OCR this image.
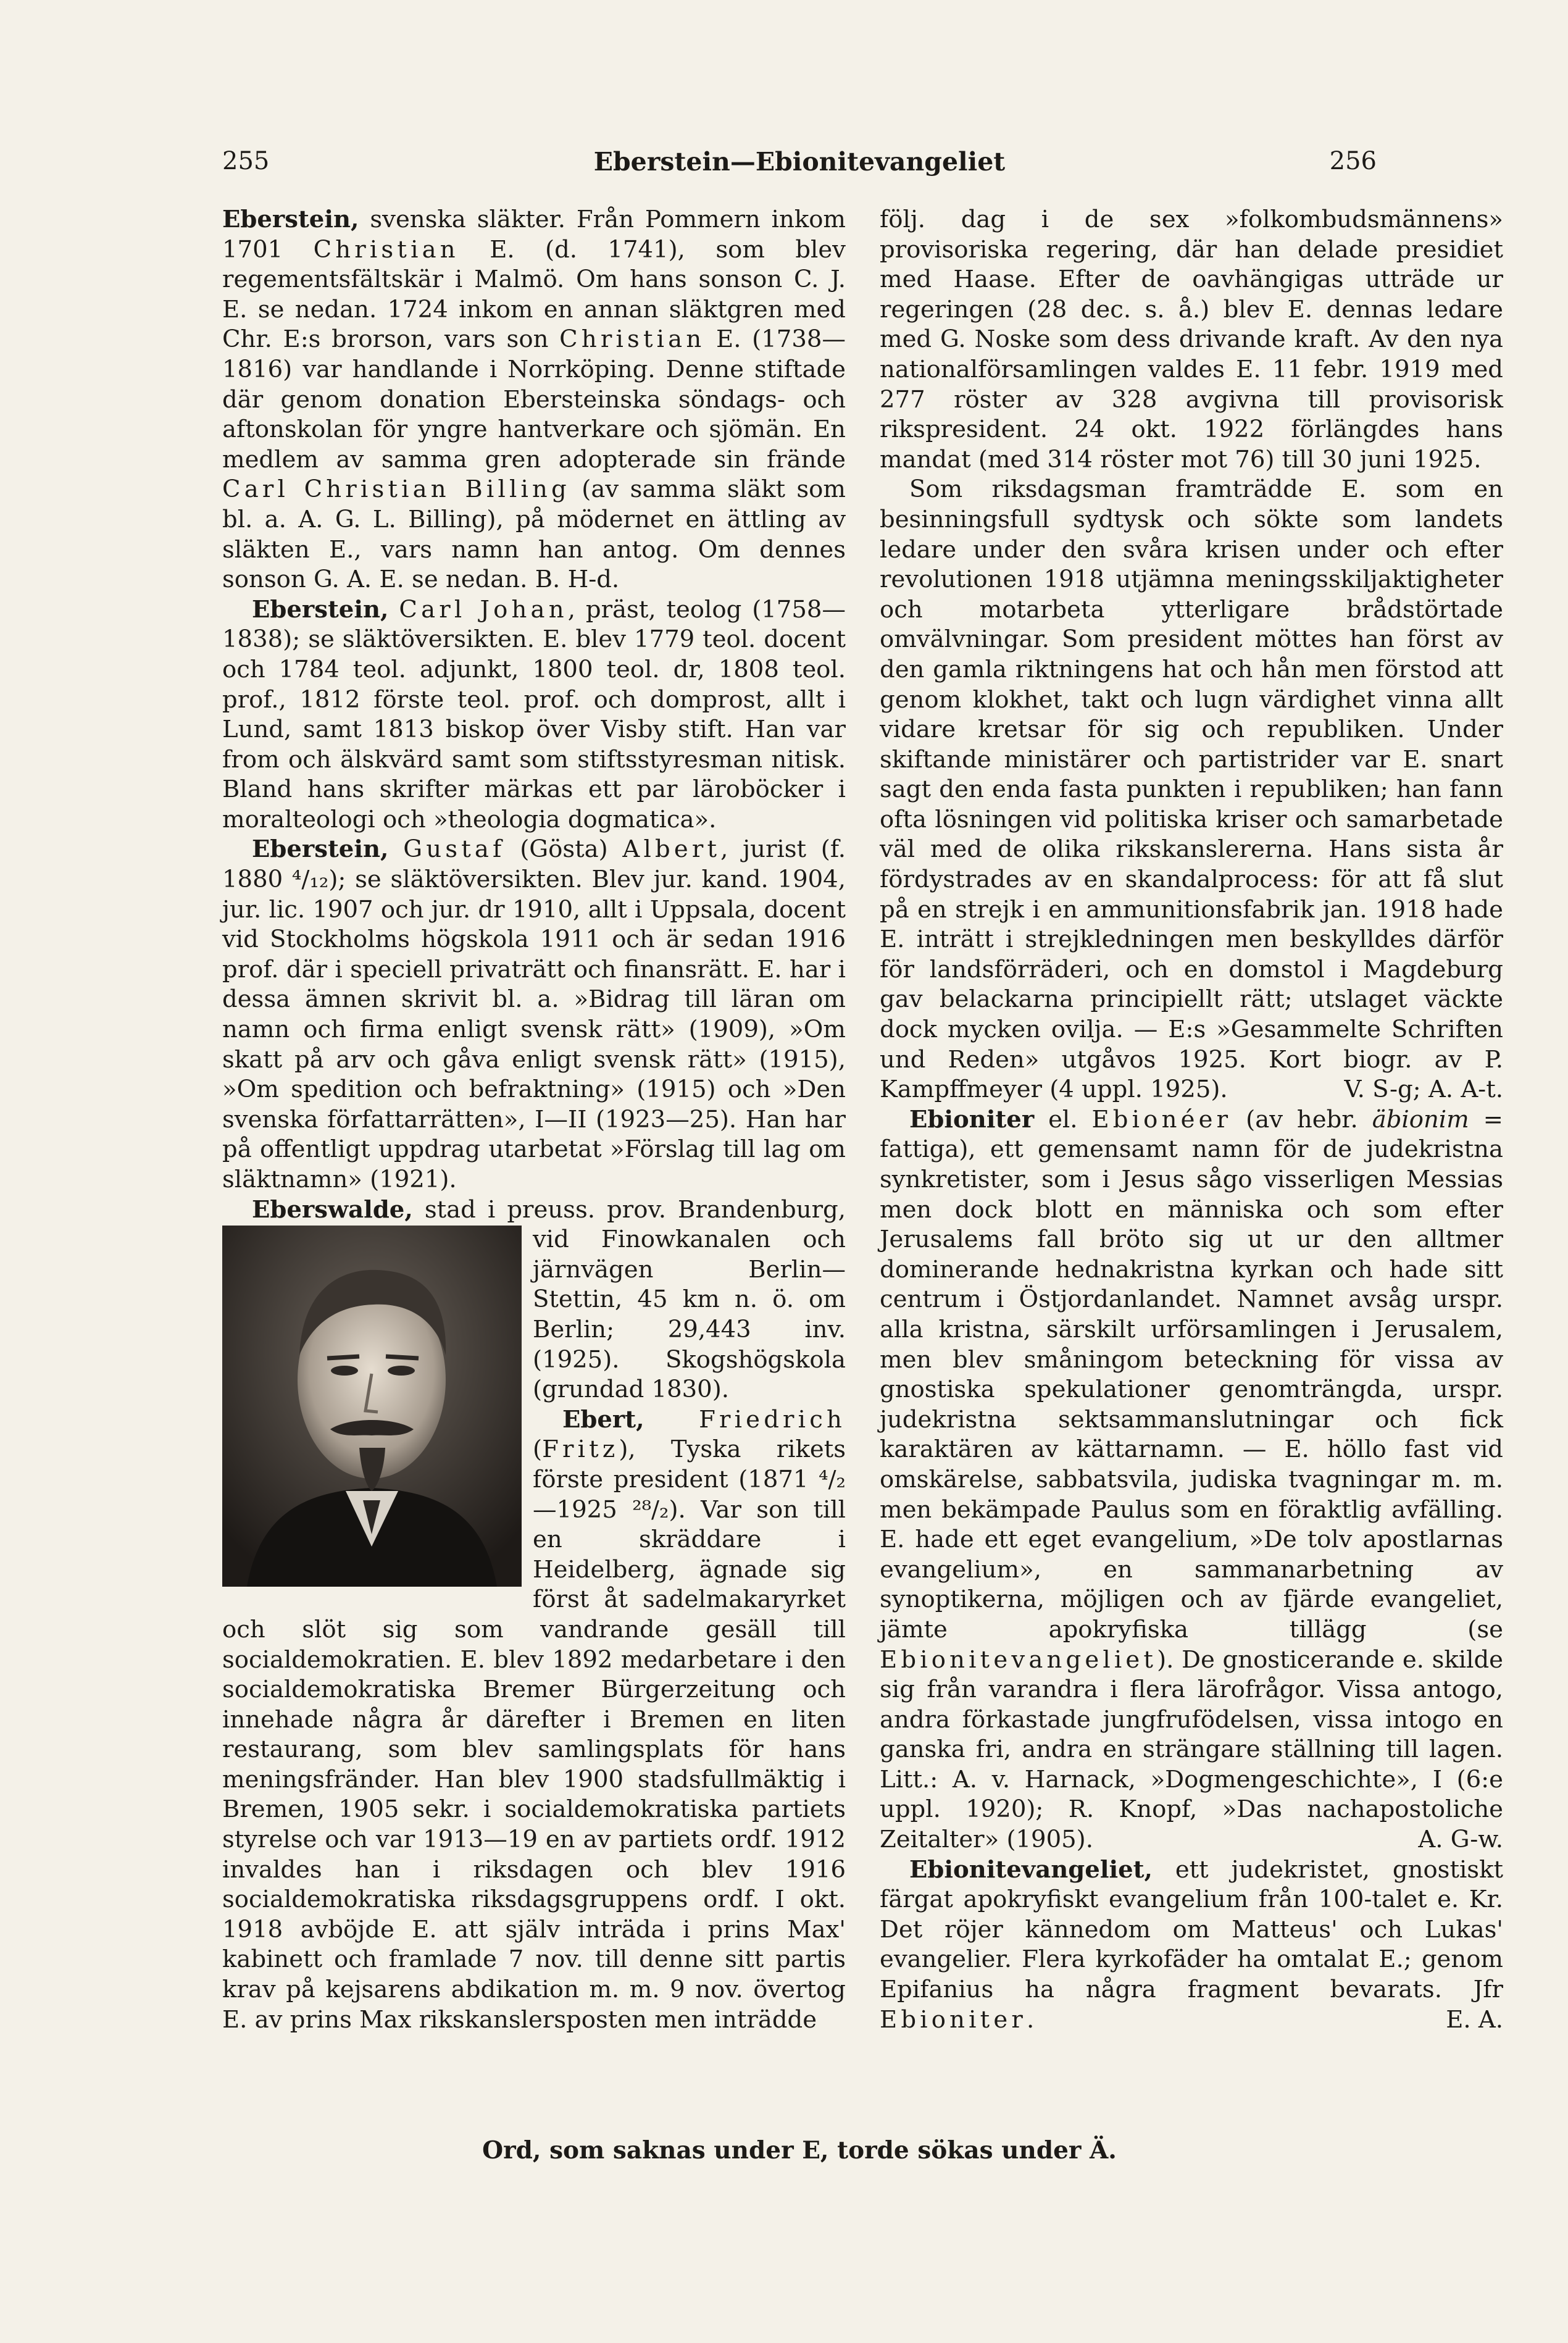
255	Eberstein—Ebionitevangeliet	256

Eberstein, svenska släkter. Från Pommern inkom 1701 Christian E. (d. 1741), som blev regementsfältskär i Malmö. Om hans sonson C. J. E. se nedan. 1724 inkom en annan släktgren med Chr. E:s brorson, vars son Christian E. (1738—1816) var handlande i Norrköping. Denne stiftade där genom donation Ebersteinska söndags- och aftonskolan för yngre hantverkare och sjömän. En medlem av samma gren adopterade sin frände Carl Christian Billing (av samma släkt som bl. a. A. G. L. Billing), på mödernet en ättling av släkten E., vars namn han antog. Om dennes sonson G. A. E. se nedan. B. H-d.

Eberstein, Carl Johan, präst, teolog (1758—1838); se släktöversikten. E. blev 1779 teol. docent och 1784 teol. adjunkt, 1800 teol. dr, 1808 teol. prof., 1812 förste teol. prof. och domprost, allt i Lund, samt 1813 biskop över Visby stift. Han var from och älskvärd samt som stiftsstyresman nitisk. Bland hans skrifter märkas ett par läroböcker i moralteologi och »theologia dogmatica».

Eberstein, Gustaf (Gösta) Albert, jurist (f. 1880 ⁴/₁₂); se släktöversikten. Blev jur. kand. 1904, jur. lic. 1907 och jur. dr 1910, allt i Uppsala, docent vid Stockholms högskola 1911 och är sedan 1916 prof. där i speciell privaträtt och finansrätt. E. har i dessa ämnen skrivit bl. a. »Bidrag till läran om namn och firma enligt svensk rätt» (1909), »Om skatt på arv och gåva enligt svensk rätt» (1915), »Om spedition och befraktning» (1915) och »Den svenska författarrätten», I—II (1923—25). Han har på offentligt uppdrag utarbetat »Förslag till lag om släktnamn» (1921).

Eberswalde, stad i preuss. prov. Brandenburg, vid Finowkanalen och järnvägen Berlin—Stettin, 45 km n. ö. om Berlin; 29,443 inv. (1925). Skogshögskola (grundad 1830).

Ebert, Friedrich (Fritz), Tyska rikets förste president (1871 ⁴/₂—1925 ²⁸/₂). Var son till en skräddare i Heidelberg, ägnade sig först åt sadelmakaryrket och slöt sig som vandrande gesäll till socialdemokratien. E. blev 1892 medarbetare i den socialdemokratiska Bremer Bürgerzeitung och innehade några år därefter i Bremen en liten restaurang, som blev samlingsplats för hans meningsfränder. Han blev 1900 stadsfullmäktig i Bremen, 1905 sekr. i socialdemokratiska partiets styrelse och var 1913—19 en av partiets ordf. 1912 invaldes han i riksdagen och blev 1916 socialdemokratiska riksdagsgruppens ordf. I okt. 1918 avböjde E. att själv inträda i prins Max' kabinett och framlade 7 nov. till denne sitt partis krav på kejsarens abdikation m. m. 9 nov. övertog E. av prins Max rikskanslersposten men inträdde

följ. dag i de sex »folkombudsmännens» provisoriska regering, där han delade presidiet med Haase. Efter de oavhängigas utträde ur regeringen (28 dec. s. å.) blev E. dennas ledare med G. Noske som dess drivande kraft. Av den nya nationalförsamlingen valdes E. 11 febr. 1919 med 277 röster av 328 avgivna till provisorisk rikspresident. 24 okt. 1922 förlängdes hans mandat (med 314 röster mot 76) till 30 juni 1925.

Som riksdagsman framträdde E. som en besinningsfull sydtysk och sökte som landets ledare under den svåra krisen under och efter revolutionen 1918 utjämna meningsskiljaktigheter och motarbeta ytterligare brådstörtade omvälvningar. Som president möttes han först av den gamla riktningens hat och hån men förstod att genom klokhet, takt och lugn värdighet vinna allt vidare kretsar för sig och republiken. Under skiftande ministärer och partistrider var E. snart sagt den enda fasta punkten i republiken; han fann ofta lösningen vid politiska kriser och samarbetade väl med de olika rikskanslererna. Hans sista år fördystrades av en skandalprocess: för att få slut på en strejk i en ammunitionsfabrik jan. 1918 hade E. inträtt i strejkledningen men beskylldes därför för landsförräderi, och en domstol i Magdeburg gav belackarna principiellt rätt; utslaget väckte dock mycken ovilja. — E:s »Gesammelte Schriften und Reden» utgåvos 1925. Kort biogr. av P. Kampffmeyer (4 uppl. 1925).	V. S-g; A. A-t.

Ebioniter el. Ebionéer (av hebr. äbionim = fattiga), ett gemensamt namn för de judekristna synkretister, som i Jesus sågo visserligen Messias men dock blott en människa och som efter Jerusalems fall bröto sig ut ur den alltmer dominerande hednakristna kyrkan och hade sitt centrum i Östjordanlandet. Namnet avsåg urspr. alla kristna, särskilt urförsamlingen i Jerusalem, men blev småningom beteckning för vissa av gnostiska spekulationer genomträngda, urspr. judekristna sektsammanslutningar och fick karaktären av kättarnamn. — E. höllo fast vid omskärelse, sabbatsvila, judiska tvagningar m. m. men bekämpade Paulus som en föraktlig avfälling. E. hade ett eget evangelium, »De tolv apostlarnas evangelium», en sammanarbetning av synoptikerna, möjligen och av fjärde evangeliet, jämte apokryfiska tillägg (se Ebionitevangeliet). De gnosticerande e. skilde sig från varandra i flera lärofrågor. Vissa antogo, andra förkastade jungfrufödelsen, vissa intogo en ganska fri, andra en strängare ställning till lagen. Litt.: A. v. Harnack, »Dogmengeschichte», I (6:e uppl. 1920); R. Knopf, »Das nachapostoliche Zeitalter» (1905).	A. G-w.

Ebionitevangeliet, ett judekristet, gnostiskt färgat apokryfiskt evangelium från 100-talet e. Kr. Det röjer kännedom om Matteus' och Lukas' evangelier. Flera kyrkofäder ha omtalat E.; genom Epifanius ha några fragment bevarats. Jfr Ebioniter.	E. A.

Ord, som saknas under E, torde sökas under Ä.
